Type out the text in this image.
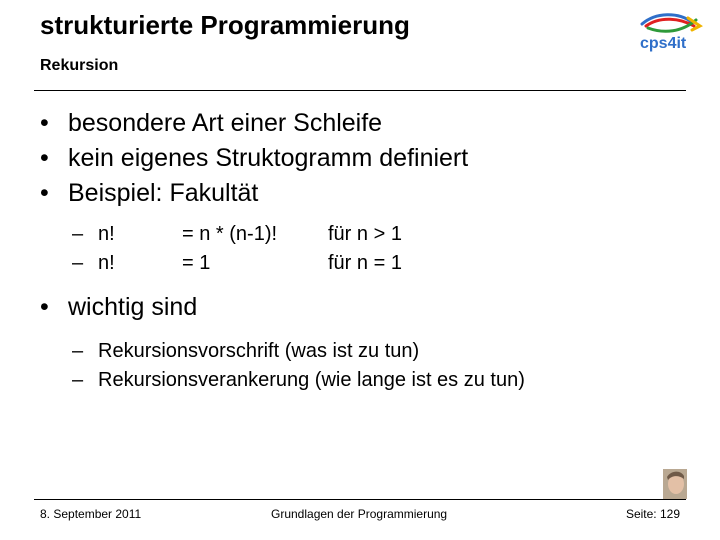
strukturierte Programmierung
Rekursion
cps4it
• besondere Art einer Schleife
• kein eigenes Struktogramm definiert
• Beispiel: Fakultät
– n!	= n * (n-1)!	für n > 1
– n!	= 1	für n = 1
• wichtig sind
– Rekursionsvorschrift (was ist zu tun)
– Rekursionsverankerung (wie lange ist es zu tun)
8. September 2011	Grundlagen der Programmierung	Seite: 129
